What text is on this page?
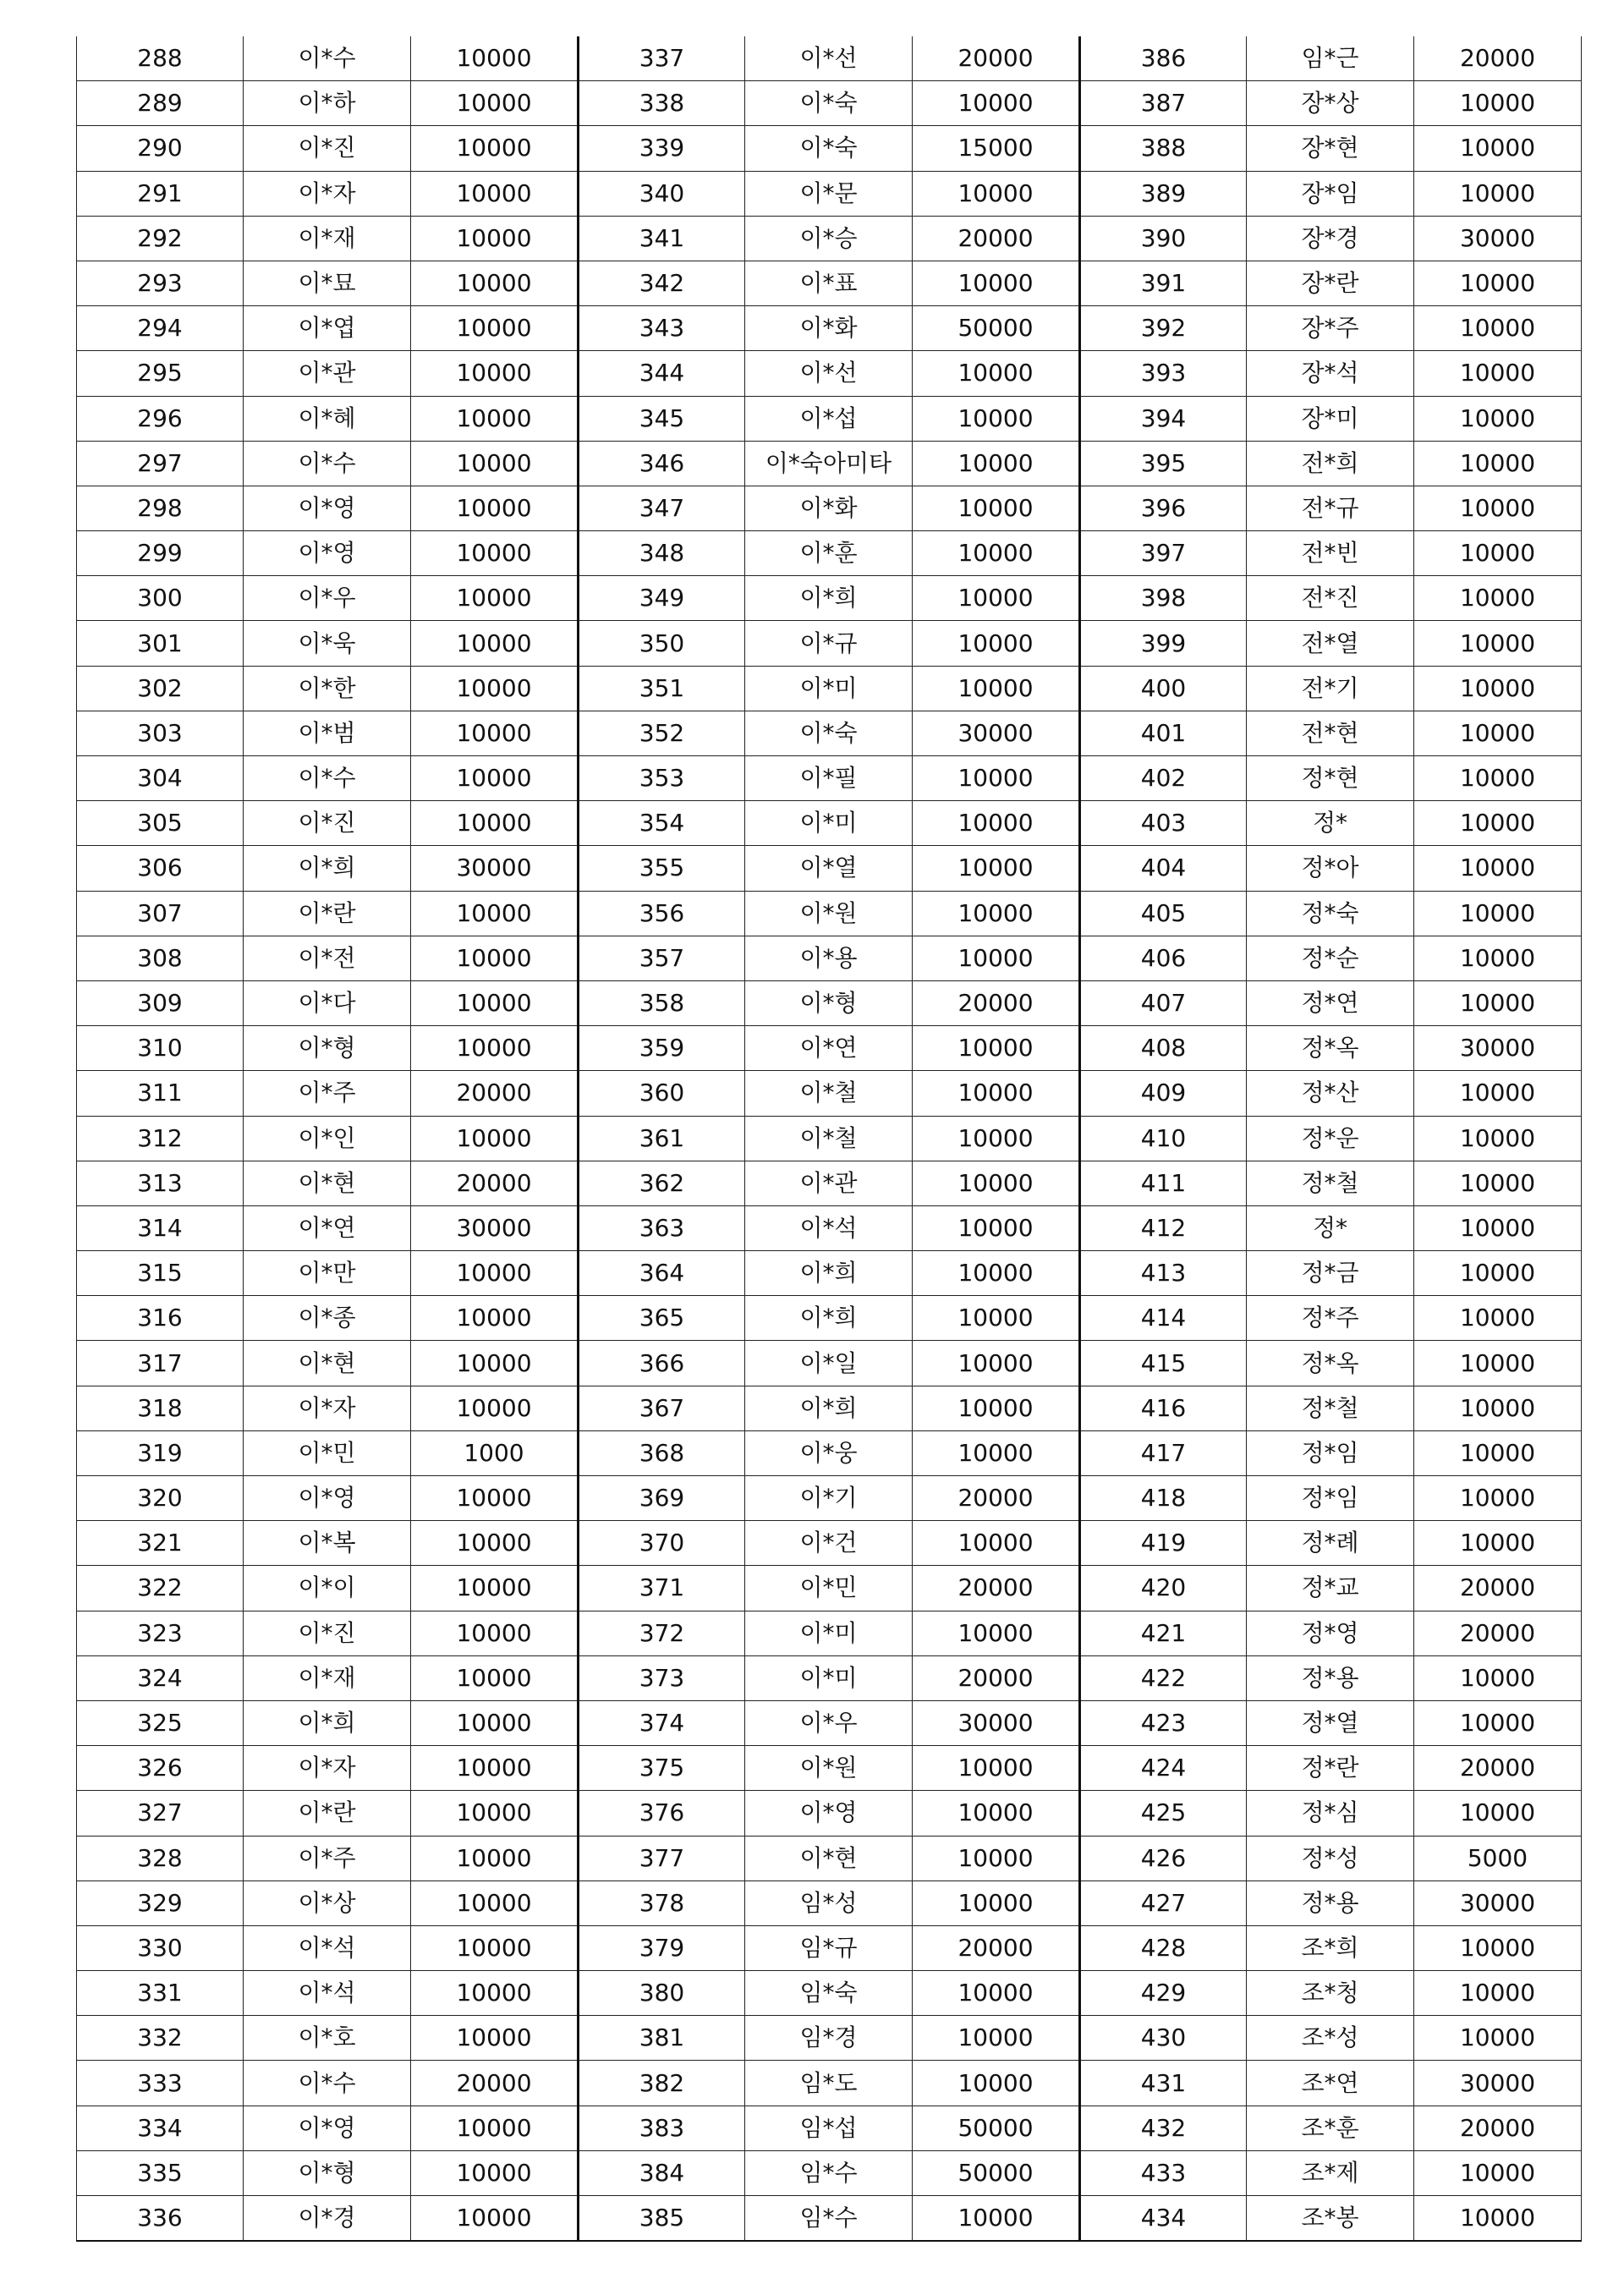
288	이*수	10000	337	이*선	20000	386	임*근	20000
289	이*하	10000	338	이*숙	10000	387	장*상	10000
290	이*진	10000	339	이*숙	15000	388	장*현	10000
291	이*자	10000	340	이*문	10000	389	장*임	10000
292	이*재	10000	341	이*승	20000	390	장*경	30000
293	이*묘	10000	342	이*표	10000	391	장*란	10000
294	이*엽	10000	343	이*화	50000	392	장*주	10000
295	이*관	10000	344	이*선	10000	393	장*석	10000
296	이*혜	10000	345	이*섭	10000	394	장*미	10000
297	이*수	10000	346	이*숙아미타	10000	395	전*희	10000
298	이*영	10000	347	이*화	10000	396	전*규	10000
299	이*영	10000	348	이*훈	10000	397	전*빈	10000
300	이*우	10000	349	이*희	10000	398	전*진	10000
301	이*욱	10000	350	이*규	10000	399	전*열	10000
302	이*한	10000	351	이*미	10000	400	전*기	10000
303	이*범	10000	352	이*숙	30000	401	전*현	10000
304	이*수	10000	353	이*필	10000	402	정*현	10000
305	이*진	10000	354	이*미	10000	403	정*	10000
306	이*희	30000	355	이*열	10000	404	정*아	10000
307	이*란	10000	356	이*원	10000	405	정*숙	10000
308	이*전	10000	357	이*용	10000	406	정*순	10000
309	이*다	10000	358	이*형	20000	407	정*연	10000
310	이*형	10000	359	이*연	10000	408	정*옥	30000
311	이*주	20000	360	이*철	10000	409	정*산	10000
312	이*인	10000	361	이*철	10000	410	정*운	10000
313	이*현	20000	362	이*관	10000	411	정*철	10000
314	이*연	30000	363	이*석	10000	412	정*	10000
315	이*만	10000	364	이*희	10000	413	정*금	10000
316	이*종	10000	365	이*희	10000	414	정*주	10000
317	이*현	10000	366	이*일	10000	415	정*옥	10000
318	이*자	10000	367	이*희	10000	416	정*철	10000
319	이*민	1000	368	이*웅	10000	417	정*임	10000
320	이*영	10000	369	이*기	20000	418	정*임	10000
321	이*복	10000	370	이*건	10000	419	정*례	10000
322	이*이	10000	371	이*민	20000	420	정*교	20000
323	이*진	10000	372	이*미	10000	421	정*영	20000
324	이*재	10000	373	이*미	20000	422	정*용	10000
325	이*희	10000	374	이*우	30000	423	정*열	10000
326	이*자	10000	375	이*원	10000	424	정*란	20000
327	이*란	10000	376	이*영	10000	425	정*심	10000
328	이*주	10000	377	이*현	10000	426	정*성	5000
329	이*상	10000	378	임*성	10000	427	정*용	30000
330	이*석	10000	379	임*규	20000	428	조*희	10000
331	이*석	10000	380	임*숙	10000	429	조*청	10000
332	이*호	10000	381	임*경	10000	430	조*성	10000
333	이*수	20000	382	임*도	10000	431	조*연	30000
334	이*영	10000	383	임*섭	50000	432	조*훈	20000
335	이*형	10000	384	임*수	50000	433	조*제	10000
336	이*경	10000	385	임*수	10000	434	조*봉	10000
